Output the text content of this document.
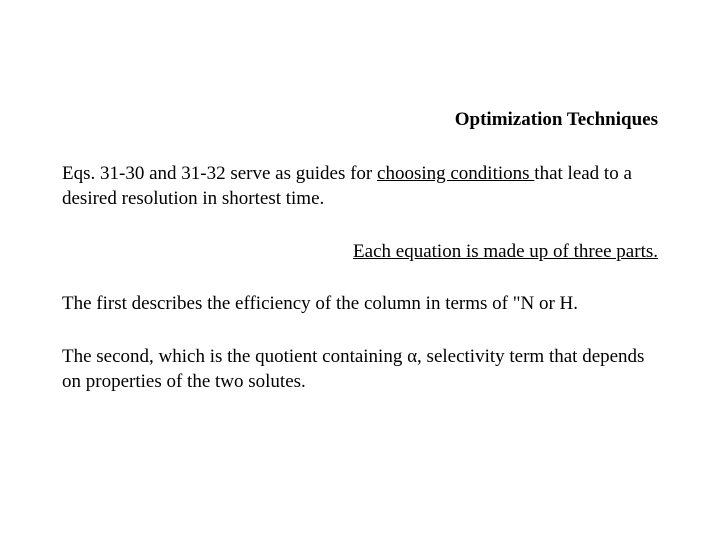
Optimization Techniques
Eqs. 31-30 and 31-32 serve as guides for choosing conditions that lead to a desired resolution in shortest time.
Each equation is made up of three parts.
The first describes the efficiency of the column in terms of "N or H.
The second, which is the quotient containing α, selectivity term that depends on properties of the two solutes.
